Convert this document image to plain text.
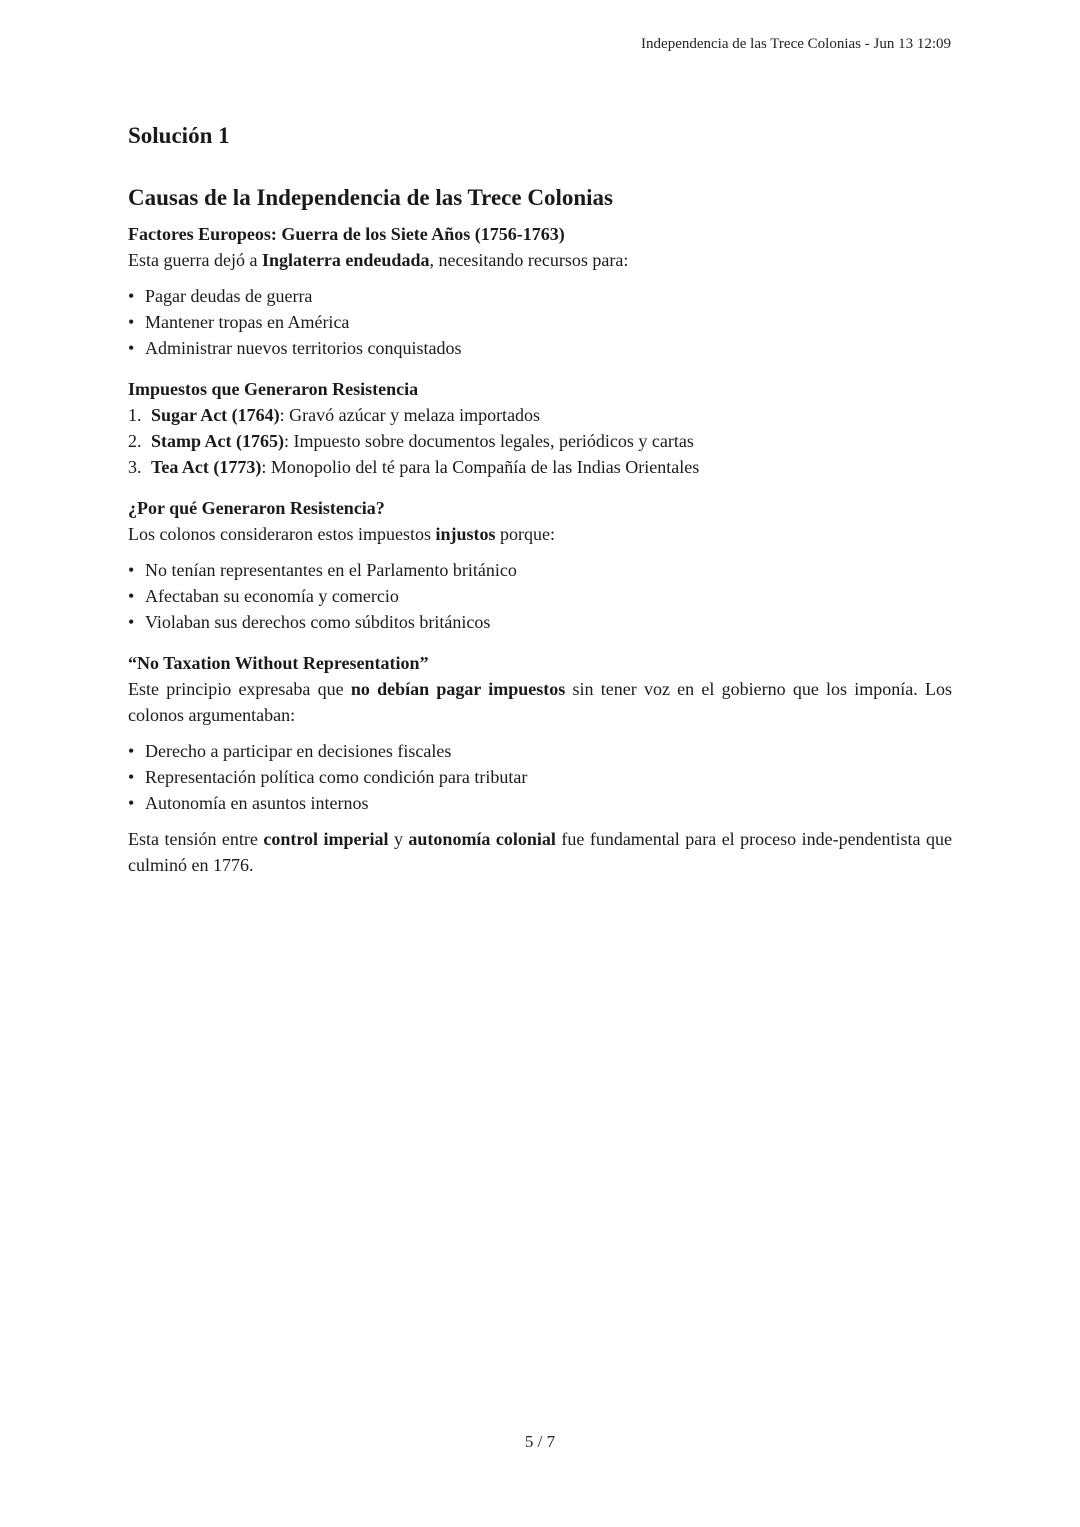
Independencia de las Trece Colonias - Jun 13 12:09
Solución 1
Causas de la Independencia de las Trece Colonias
Factores Europeos: Guerra de los Siete Años (1756-1763)

Esta guerra dejó a Inglaterra endeudada, necesitando recursos para:

• Pagar deudas de guerra
• Mantener tropas en América
• Administrar nuevos territorios conquistados
Impuestos que Generaron Resistencia
1. Sugar Act (1764): Gravó azúcar y melaza importados
2. Stamp Act (1765): Impuesto sobre documentos legales, periódicos y cartas
3. Tea Act (1773): Monopolio del té para la Compañía de las Indias Orientales
¿Por qué Generaron Resistencia?

Los colonos consideraron estos impuestos injustos porque:

• No tenían representantes en el Parlamento británico
• Afectaban su economía y comercio
• Violaban sus derechos como súbditos británicos
“No Taxation Without Representation”

Este principio expresaba que no debían pagar impuestos sin tener voz en el gobierno que los imponía. Los colonos argumentaban:

• Derecho a participar en decisiones fiscales
• Representación política como condición para tributar
• Autonomía en asuntos internos

Esta tensión entre control imperial y autonomía colonial fue fundamental para el proceso inde-pendentista que culminó en 1776.

5 / 7
